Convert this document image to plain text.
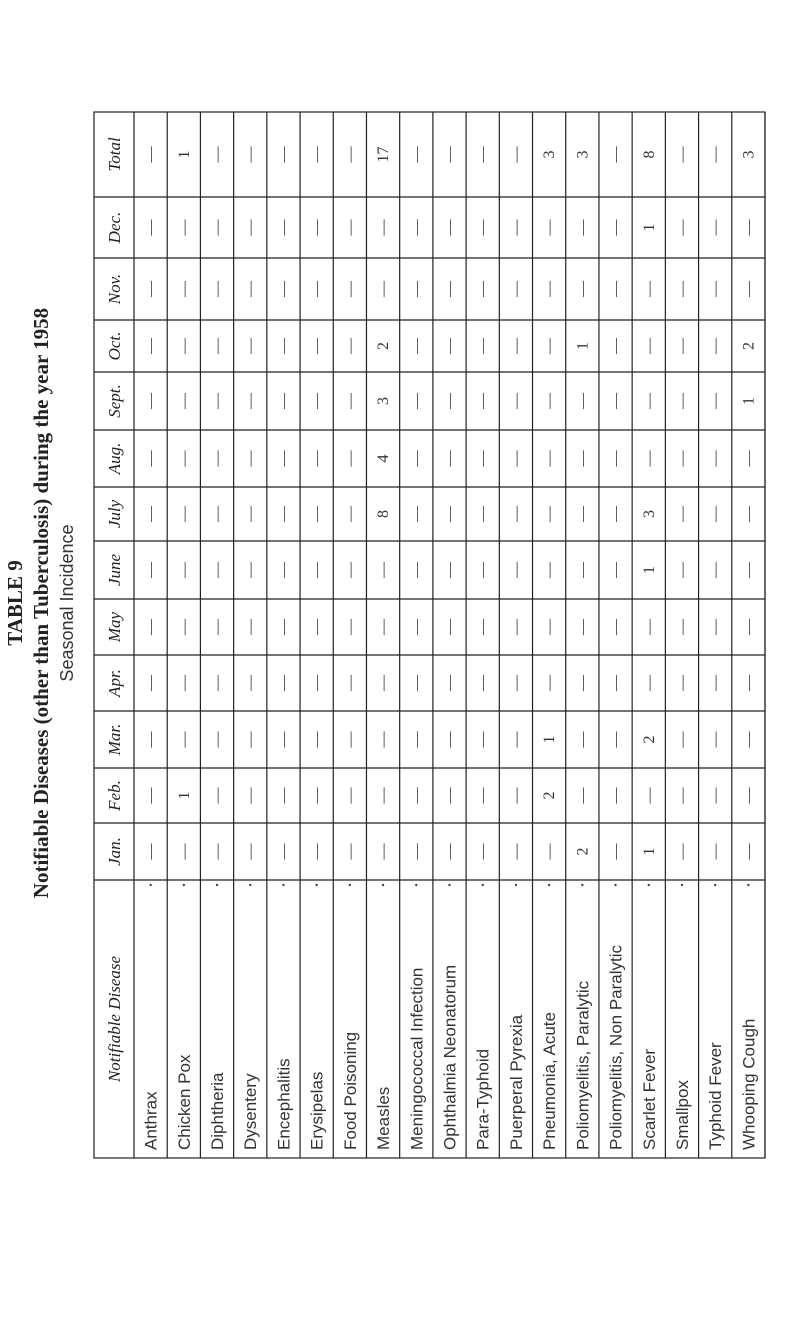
TABLE 9 Notifiable Diseases (other than Tuberculosis) during the year 1958 Seasonal Incidence
Total
Dec.
Nov.
Oct.
Sept.
Aug.
July
June
May
Apr.
Mar.
Feb.
Jan.
Notifiable Disease
Anthrax
—
—
—
—
—
—
—
—
—
—
—
—
—
Chicken Pox
1
—
—
—
—
—
—
—
—
—
—
1
—
Diphtheria
—
—
—
—
—
—
—
—
—
—
—
—
—
Dysentery
—
—
—
—
—
—
—
—
—
—
—
—
—
Encephalitis
—
—
—
—
—
—
—
—
—
—
—
—
—
Erysipelas
—
—
—
—
—
—
—
—
—
—
—
—
—
Food Poisoning
—
—
—
—
—
—
—
—
—
—
—
—
—
Measles
17
—
—
2
3
4
8
—
—
—
—
—
—
Meningococcal Infection
—
—
—
—
—
—
—
—
—
—
—
—
—
Ophthalmia Neonatorum
—
—
—
—
—
—
—
—
—
—
—
—
—
Para-Typhoid
—
—
—
—
—
—
—
—
—
—
—
—
—
Puerperal Pyrexia
—
—
—
—
—
—
—
—
—
—
—
—
—
Pneumonia, Acute
3
—
—
—
—
—
—
—
—
—
1
2
—
Poliomyelitis, Paralytic
3
—
—
1
—
—
—
—
—
—
—
—
2
Poliomyelitis, Non Paralytic
—
—
—
—
—
—
—
—
—
—
—
—
—
Scarlet Fever
8
1
—
—
—
—
3
1
—
—
2
—
1
Smallpox
—
—
—
—
—
—
—
—
—
—
—
—
—
Typhoid Fever
—
—
—
—
—
—
—
—
—
—
—
—
—
Whooping Cough
3
—
—
2
1
—
—
—
—
—
—
—
—
